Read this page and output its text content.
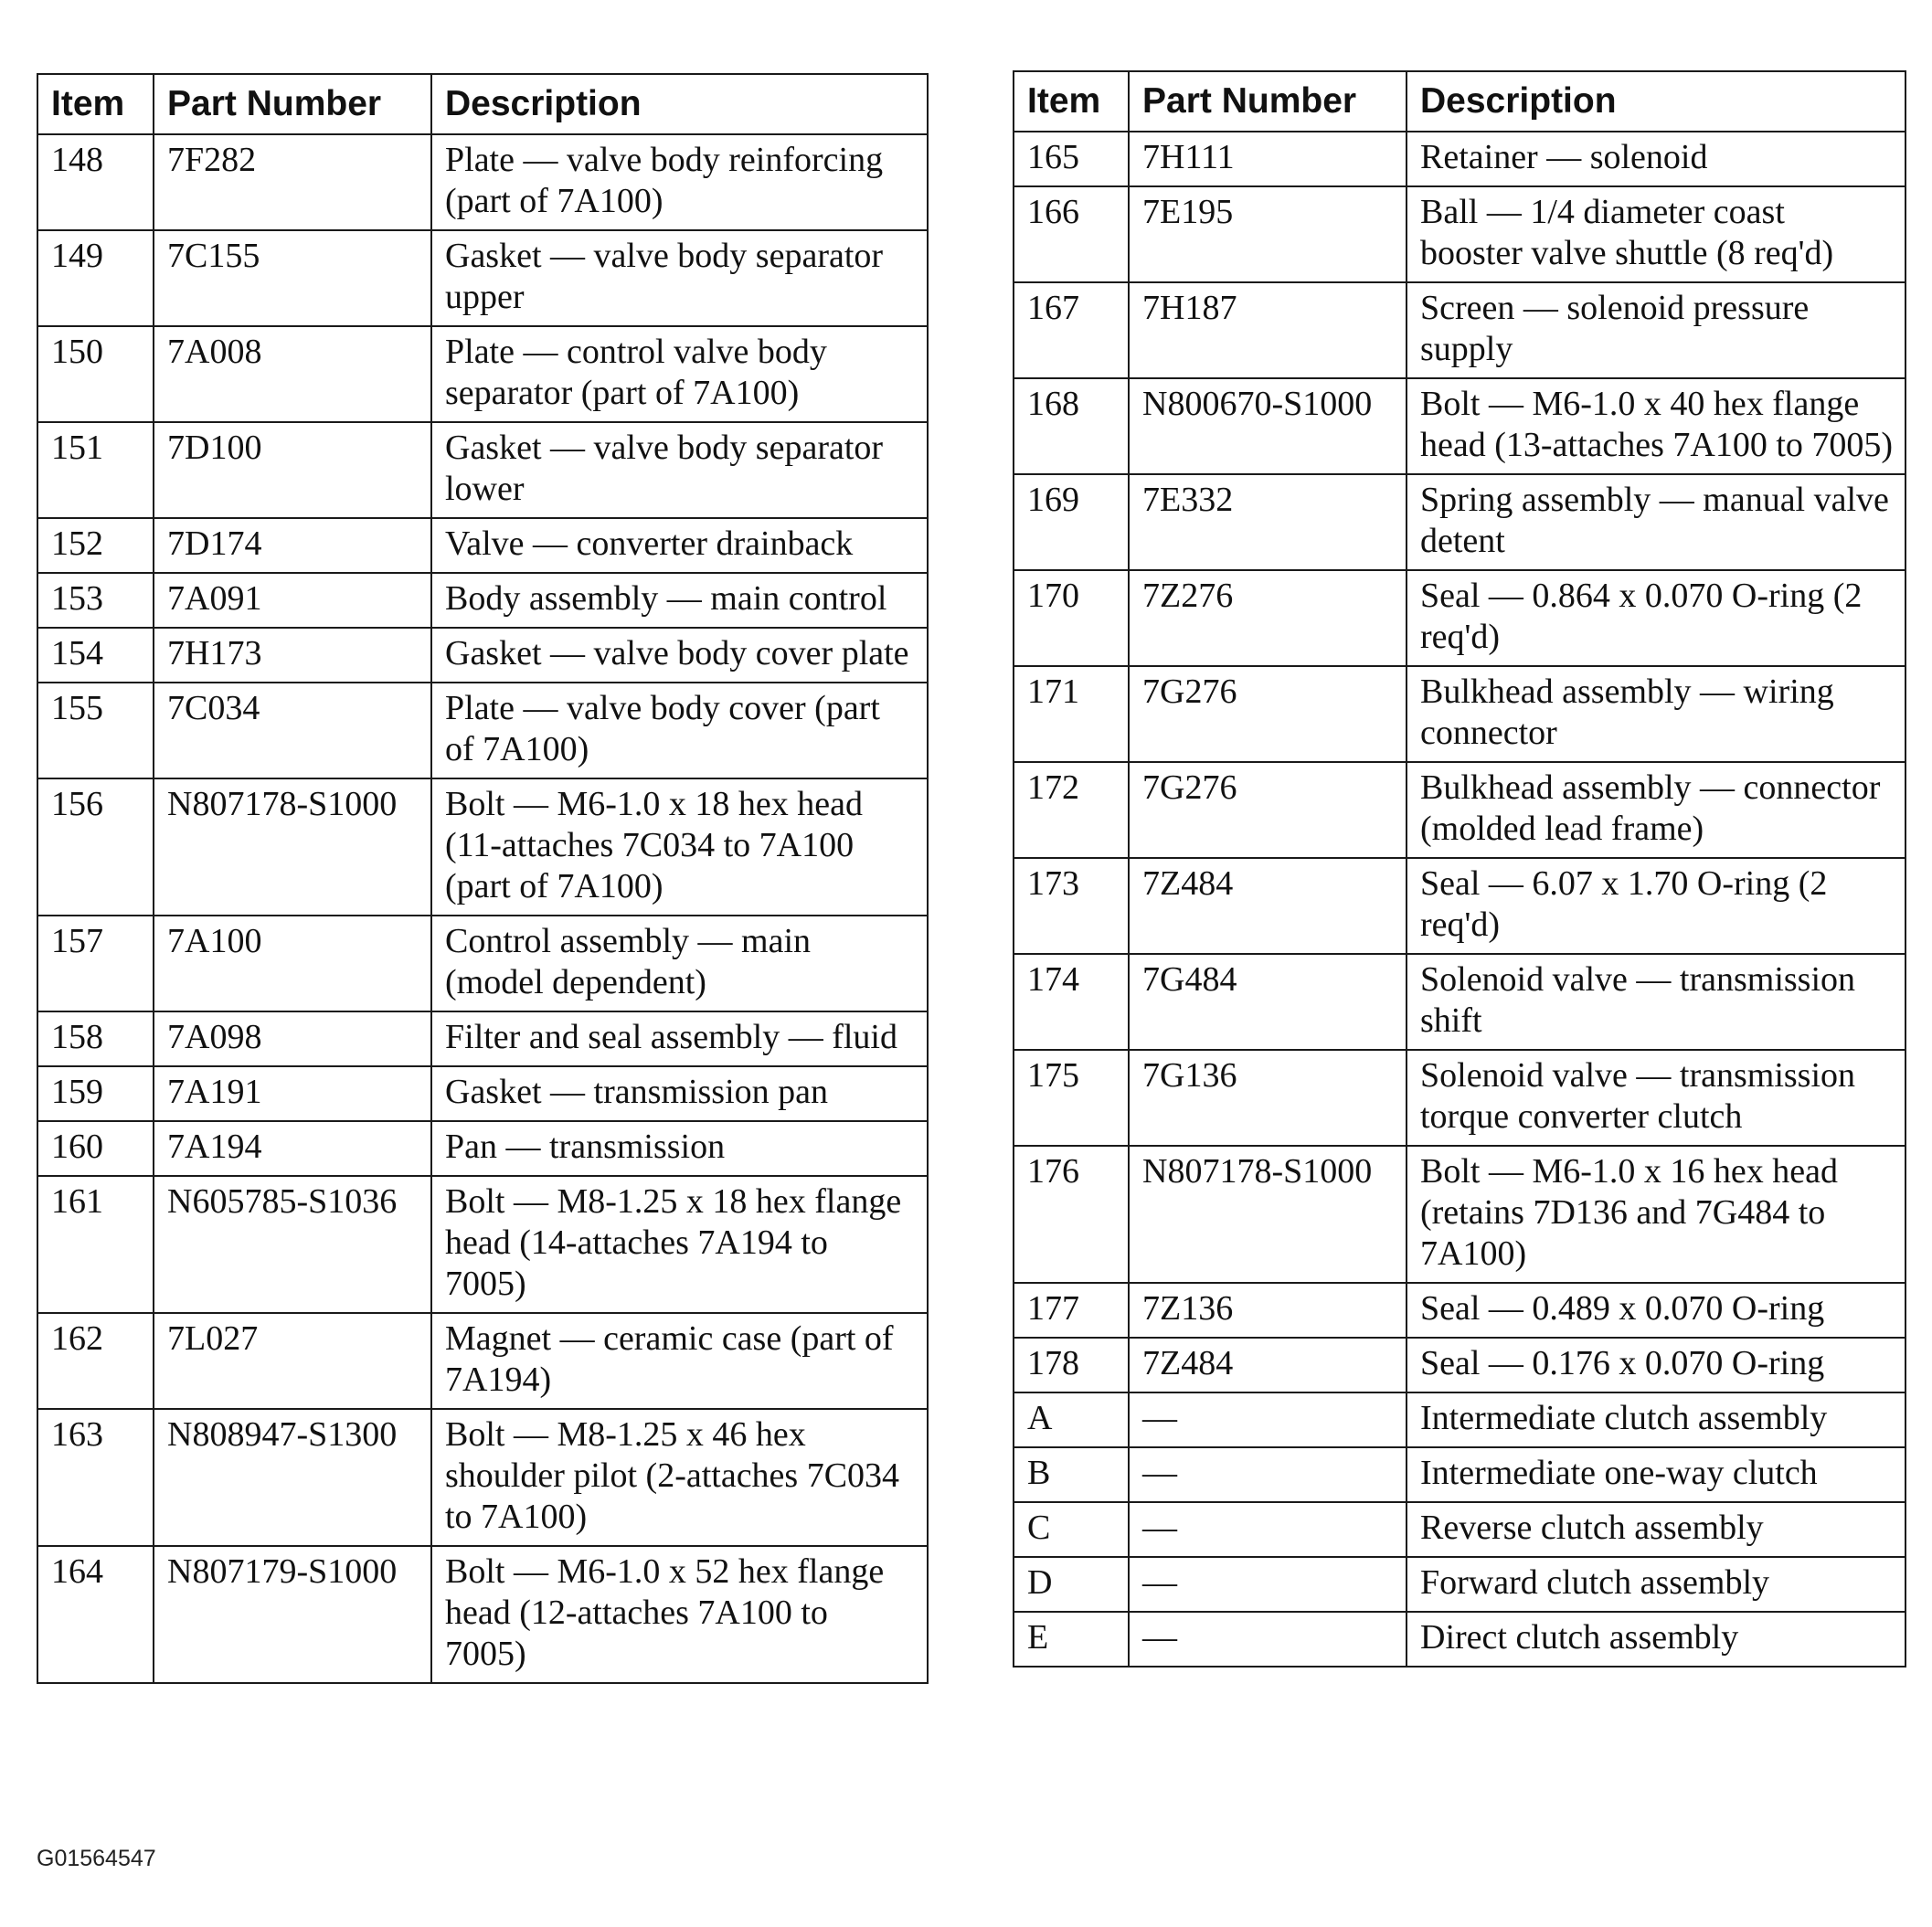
Item	Part Number	Description
148	7F282	Plate — valve body reinforcing (part of 7A100)
149	7C155	Gasket — valve body separator upper
150	7A008	Plate — control valve body separator (part of 7A100)
151	7D100	Gasket — valve body separator lower
152	7D174	Valve — converter drainback
153	7A091	Body assembly — main control
154	7H173	Gasket — valve body cover plate
155	7C034	Plate — valve body cover (part of 7A100)
156	N807178-S1000	Bolt — M6-1.0 x 18 hex head (11-attaches 7C034 to 7A100 (part of 7A100)
157	7A100	Control assembly — main (model dependent)
158	7A098	Filter and seal assembly — fluid
159	7A191	Gasket — transmission pan
160	7A194	Pan — transmission
161	N605785-S1036	Bolt — M8-1.25 x 18 hex flange head (14-attaches 7A194 to 7005)
162	7L027	Magnet — ceramic case (part of 7A194)
163	N808947-S1300	Bolt — M8-1.25 x 46 hex shoulder pilot (2-attaches 7C034 to 7A100)
164	N807179-S1000	Bolt — M6-1.0 x 52 hex flange head (12-attaches 7A100 to 7005)
Item	Part Number	Description
165	7H111	Retainer — solenoid
166	7E195	Ball — 1/4 diameter coast booster valve shuttle (8 req'd)
167	7H187	Screen — solenoid pressure supply
168	N800670-S1000	Bolt — M6-1.0 x 40 hex flange head (13-attaches 7A100 to 7005)
169	7E332	Spring assembly — manual valve detent
170	7Z276	Seal — 0.864 x 0.070 O-ring (2 req'd)
171	7G276	Bulkhead assembly — wiring connector
172	7G276	Bulkhead assembly — connector (molded lead frame)
173	7Z484	Seal — 6.07 x 1.70 O-ring (2 req'd)
174	7G484	Solenoid valve — transmission shift
175	7G136	Solenoid valve — transmission torque converter clutch
176	N807178-S1000	Bolt — M6-1.0 x 16 hex head (retains 7D136 and 7G484 to 7A100)
177	7Z136	Seal — 0.489 x 0.070 O-ring
178	7Z484	Seal — 0.176 x 0.070 O-ring
A	—	Intermediate clutch assembly
B	—	Intermediate one-way clutch
C	—	Reverse clutch assembly
D	—	Forward clutch assembly
E	—	Direct clutch assembly
G01564547
